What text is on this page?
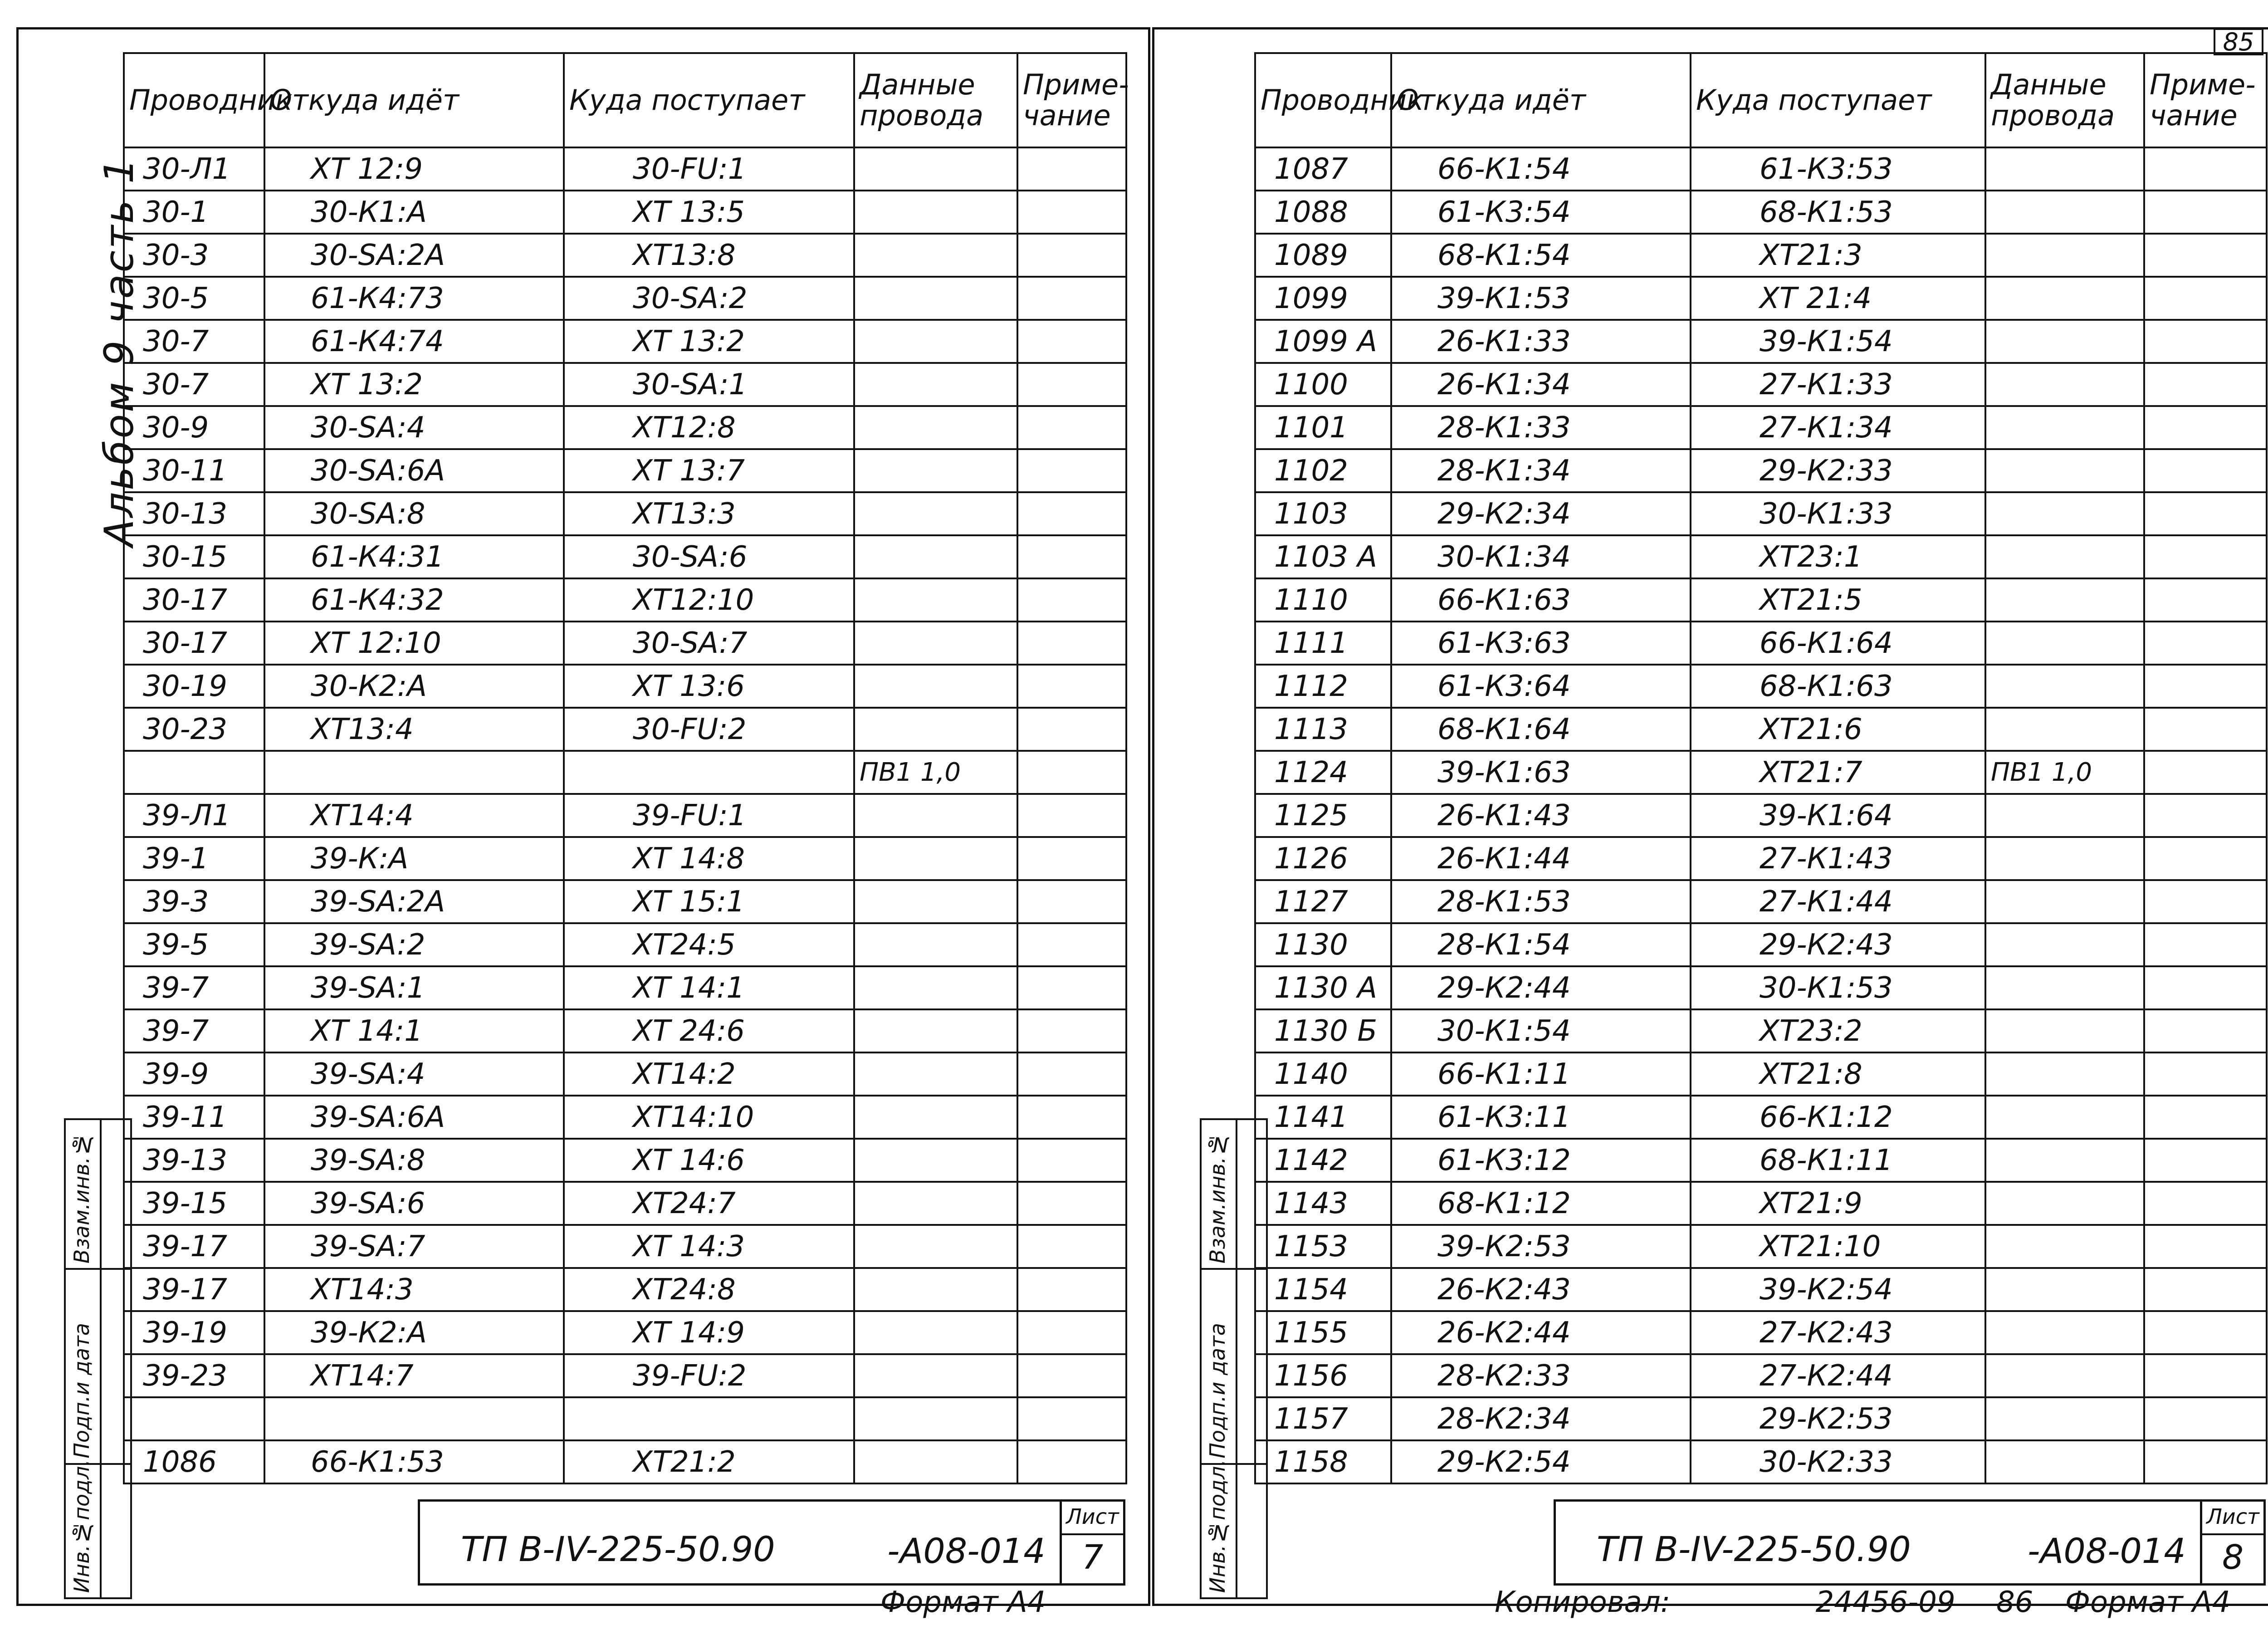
Альбом 9 часть 1
Взам.инв.№
Подп.и дата
Инв.№подл.
Проводник	Откуда идёт	Куда поступает	Данные провода	Приме-чание
30-Л1	ХТ 12:9	30-FU:1		
30-1	30-К1:А	ХТ 13:5		
30-3	30-SA:2А	ХТ13:8		
30-5	61-К4:73	30-SA:2		
30-7	61-К4:74	ХТ 13:2		
30-7	ХТ 13:2	30-SA:1		
30-9	30-SA:4	ХТ12:8		
30-11	30-SA:6А	ХТ 13:7		
30-13	30-SA:8	ХТ13:3		
30-15	61-К4:31	30-SA:6		
30-17	61-К4:32	ХТ12:10		
30-17	ХТ 12:10	30-SA:7		
30-19	30-К2:А	ХТ 13:6		
30-23	ХТ13:4	30-FU:2		
			ПВ1 1,0	
39-Л1	ХТ14:4	39-FU:1		
39-1	39-К:А	ХТ 14:8		
39-3	39-SA:2А	ХТ 15:1		
39-5	39-SA:2	ХТ24:5		
39-7	39-SA:1	ХТ 14:1		
39-7	ХТ 14:1	ХТ 24:6		
39-9	39-SA:4	ХТ14:2		
39-11	39-SA:6А	ХТ14:10		
39-13	39-SA:8	ХТ 14:6		
39-15	39-SA:6	ХТ24:7		
39-17	39-SA:7	ХТ 14:3		
39-17	ХТ14:3	ХТ24:8		
39-19	39-К2:А	ХТ 14:9		
39-23	ХТ14:7	39-FU:2		

1086	66-К1:53	ХТ21:2		
ТП В-IV-225-50.90	-А08-014
Лист
7
Формат А4
85
Взам.инв.№
Подп.и дата
Инв.№подл.
Проводник	Откуда идёт	Куда поступает	Данные провода	Приме-чание
1087	66-К1:54	61-К3:53		
1088	61-К3:54	68-К1:53		
1089	68-К1:54	ХТ21:3		
1099	39-К1:53	ХТ 21:4		
1099 А	26-К1:33	39-К1:54		
1100	26-К1:34	27-К1:33		
1101	28-К1:33	27-К1:34		
1102	28-К1:34	29-К2:33		
1103	29-К2:34	30-К1:33		
1103 А	30-К1:34	ХТ23:1		
1110	66-К1:63	ХТ21:5		
1111	61-К3:63	66-К1:64		
1112	61-К3:64	68-К1:63		
1113	68-К1:64	ХТ21:6		
1124	39-К1:63	ХТ21:7	ПВ1 1,0	
1125	26-К1:43	39-К1:64		
1126	26-К1:44	27-К1:43		
1127	28-К1:53	27-К1:44		
1130	28-К1:54	29-К2:43		
1130 А	29-К2:44	30-К1:53		
1130 Б	30-К1:54	ХТ23:2		
1140	66-К1:11	ХТ21:8		
1141	61-К3:11	66-К1:12		
1142	61-К3:12	68-К1:11		
1143	68-К1:12	ХТ21:9		
1153	39-К2:53	ХТ21:10		
1154	26-К2:43	39-К2:54		
1155	26-К2:44	27-К2:43		
1156	28-К2:33	27-К2:44		
1157	28-К2:34	29-К2:53		
1158	29-К2:54	30-К2:33		
ТП В-IV-225-50.90	-А08-014
Лист
8
Копировал:	24456-09 86 Формат А4
